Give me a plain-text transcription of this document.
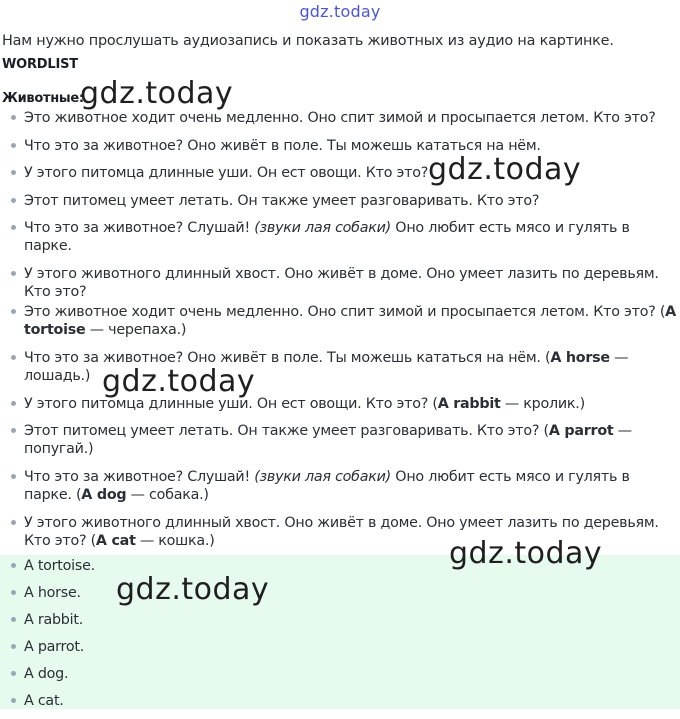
gdz.today
Нам нужно прослушать аудиозапись и показать животных из аудио на картинке.
WORDLIST
Животные:
Это животное ходит очень медленно. Оно спит зимой и просыпается летом. Кто это?
Что это за животное? Оно живёт в поле. Ты можешь кататься на нём.
У этого питомца длинные уши. Он ест овощи. Кто это?
Этот питомец умеет летать. Он также умеет разговаривать. Кто это?
Что это за животное? Слушай! (звуки лая собаки) Оно любит есть мясо и гулять в парке.
У этого животного длинный хвост. Оно живёт в доме. Оно умеет лазить по деревьям. Кто это?
Это животное ходит очень медленно. Оно спит зимой и просыпается летом. Кто это? (A tortoise — черепаха.)
Что это за животное? Оно живёт в поле. Ты можешь кататься на нём. (A horse — лошадь.)
У этого питомца длинные уши. Он ест овощи. Кто это? (A rabbit — кролик.)
Этот питомец умеет летать. Он также умеет разговаривать. Кто это? (A parrot — попугай.)
Что это за животное? Слушай! (звуки лая собаки) Оно любит есть мясо и гулять в парке. (A dog — собака.)
У этого животного длинный хвост. Оно живёт в доме. Оно умеет лазить по деревьям. Кто это? (A cat — кошка.)
A tortoise.
A horse.
A rabbit.
A parrot.
A dog.
A cat.
gdz.today
gdz.today
gdz.today
gdz.today
gdz.today
